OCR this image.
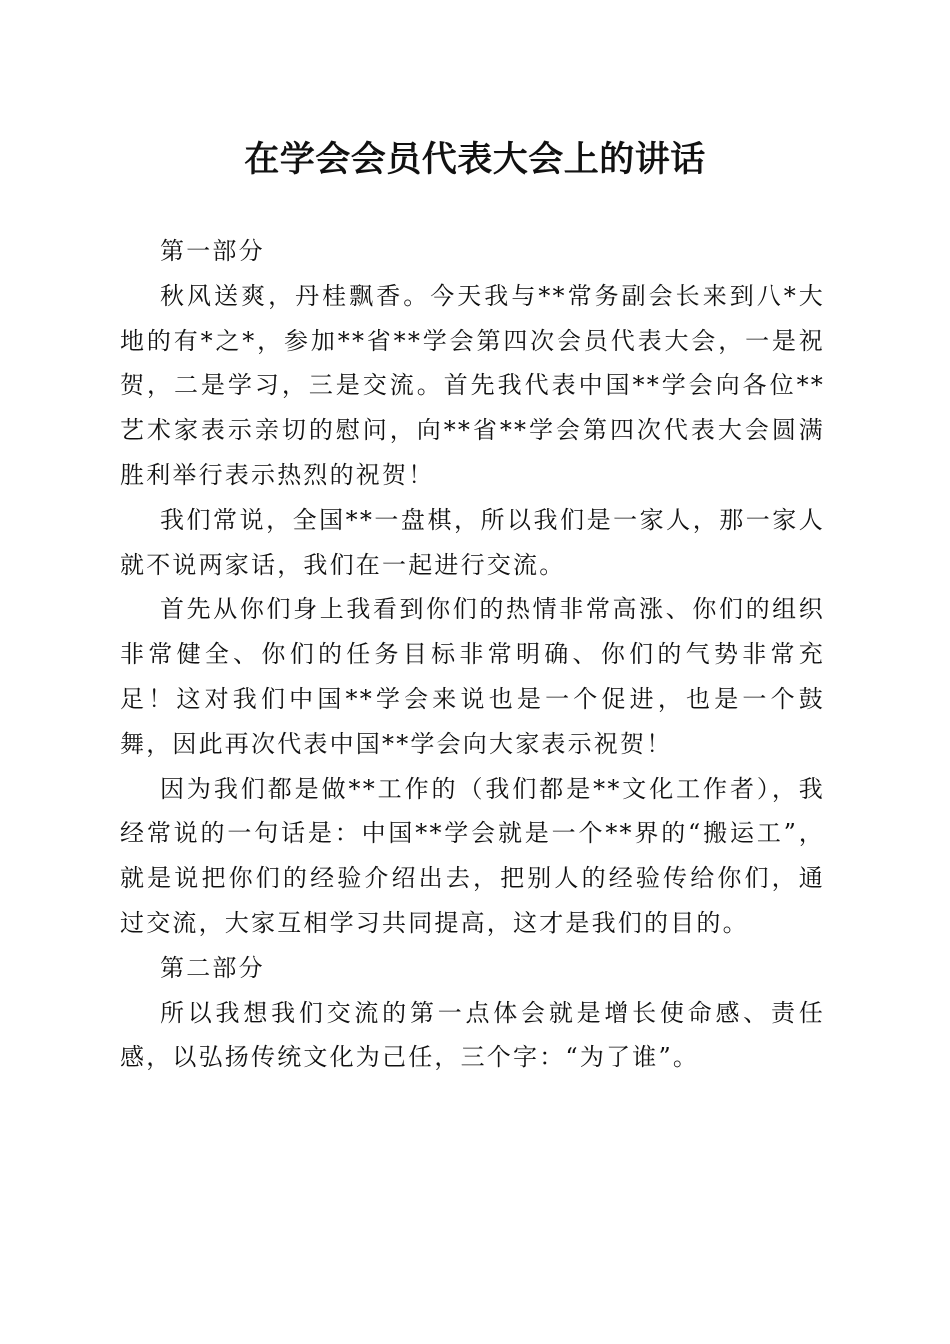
在学会会员代表大会上的讲话

第一部分

秋风送爽，丹桂飘香。今天我与**常务副会长来到八*大地的有*之*，参加**省**学会第四次会员代表大会，一是祝贺，二是学习，三是交流。首先我代表中国**学会向各位**艺术家表示亲切的慰问，向**省**学会第四次代表大会圆满胜利举行表示热烈的祝贺！

我们常说，全国**一盘棋，所以我们是一家人，那一家人就不说两家话，我们在一起进行交流。

首先从你们身上我看到你们的热情非常高涨、你们的组织非常健全、你们的任务目标非常明确、你们的气势非常充足！这对我们中国**学会来说也是一个促进，也是一个鼓舞，因此再次代表中国**学会向大家表示祝贺！

因为我们都是做**工作的（我们都是**文化工作者），我经常说的一句话是：中国**学会就是一个**界的“搬运工”，就是说把你们的经验介绍出去，把别人的经验传给你们，通过交流，大家互相学习共同提高，这才是我们的目的。

第二部分

所以我想我们交流的第一点体会就是增长使命感、责任感，以弘扬传统文化为己任，三个字：“为了谁”。
